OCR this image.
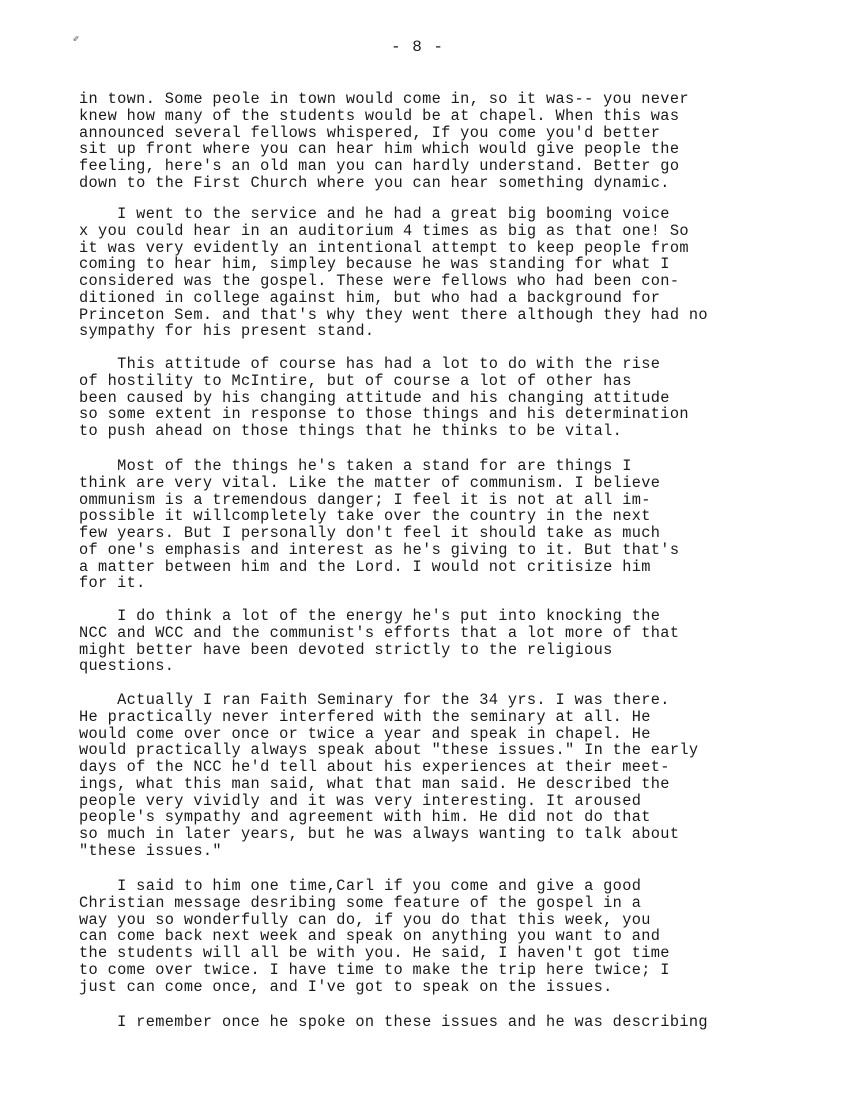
- 8 -
✐
in town. Some peole in town would come in, so it was-- you never
knew how many of the students would be at chapel. When this was
announced several fellows whispered, If you come you'd better
sit up front where you can hear him which would give people the
feeling, here's an old man you can hardly understand. Better go
down to the First Church where you can hear something dynamic.
I went to the service and he had a great big booming voice
x you could hear in an auditorium 4 times as big as that one! So
it was very evidently an intentional attempt to keep people from
coming to hear him, simpley because he was standing for what I
considered was the gospel. These were fellows who had been con-
ditioned in college against him, but who had a background for
Princeton Sem. and that's why they went there although they had no
sympathy for his present stand.
This attitude of course has had a lot to do with the rise
of hostility to McIntire, but of course a lot of other has
been caused by his changing attitude and his changing attitude
so some extent in response to those things and his determination
to push ahead on those things that he thinks to be vital.
Most of the things he's taken a stand for are things I
think are very vital. Like the matter of communism. I believe
ommunism is a tremendous danger; I feel it is not at all im-
possible it willcompletely take over the country in the next
few years. But I personally don't feel it should take as much
of one's emphasis and interest as he's giving to it. But that's
a matter between him and the Lord. I would not critisize him
for it.
I do think a lot of the energy he's put into knocking the
NCC and WCC and the communist's efforts that a lot more of that
might better have been devoted strictly to the religious
questions.
Actually I ran Faith Seminary for the 34 yrs. I was there.
He practically never interfered with the seminary at all. He
would come over once or twice a year and speak in chapel. He
would practically always speak about "these issues." In the early
days of the NCC he'd tell about his experiences at their meet-
ings, what this man said, what that man said. He described the
people very vividly and it was very interesting. It aroused
people's sympathy and agreement with him. He did not do that
so much in later years, but he was always wanting to talk about
"these issues."
I said to him one time,Carl if you come and give a good
Christian message desribing some feature of the gospel in a
way you so wonderfully can do, if you do that this week, you
can come back next week and speak on anything you want to and
the students will all be with you. He said, I haven't got time
to come over twice. I have time to make the trip here twice; I
just can come once, and I've got to speak on the issues.
I remember once he spoke on these issues and he was describing
